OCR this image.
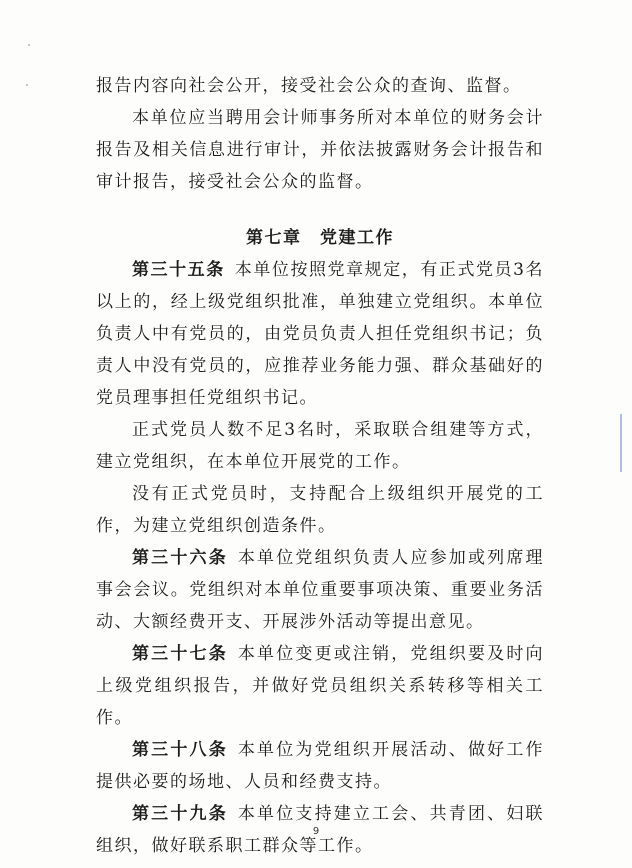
报告内容向社会公开，接受社会公众的查询、监督。

本单位应当聘用会计师事务所对本单位的财务会计报告及相关信息进行审计，并依法披露财务会计报告和审计报告，接受社会公众的监督。

第七章　党建工作

第三十五条 本单位按照党章规定，有正式党员3名以上的，经上级党组织批准，单独建立党组织。本单位负责人中有党员的，由党员负责人担任党组织书记；负责人中没有党员的，应推荐业务能力强、群众基础好的党员理事担任党组织书记。

正式党员人数不足3名时，采取联合组建等方式，建立党组织，在本单位开展党的工作。

没有正式党员时，支持配合上级组织开展党的工作，为建立党组织创造条件。

第三十六条 本单位党组织负责人应参加或列席理事会会议。党组织对本单位重要事项决策、重要业务活动、大额经费开支、开展涉外活动等提出意见。

第三十七条 本单位变更或注销，党组织要及时向上级党组织报告，并做好党员组织关系转移等相关工作。

第三十八条 本单位为党组织开展活动、做好工作提供必要的场地、人员和经费支持。

第三十九条 本单位支持建立工会、共青团、妇联组织，做好联系职工群众等工作。

9
